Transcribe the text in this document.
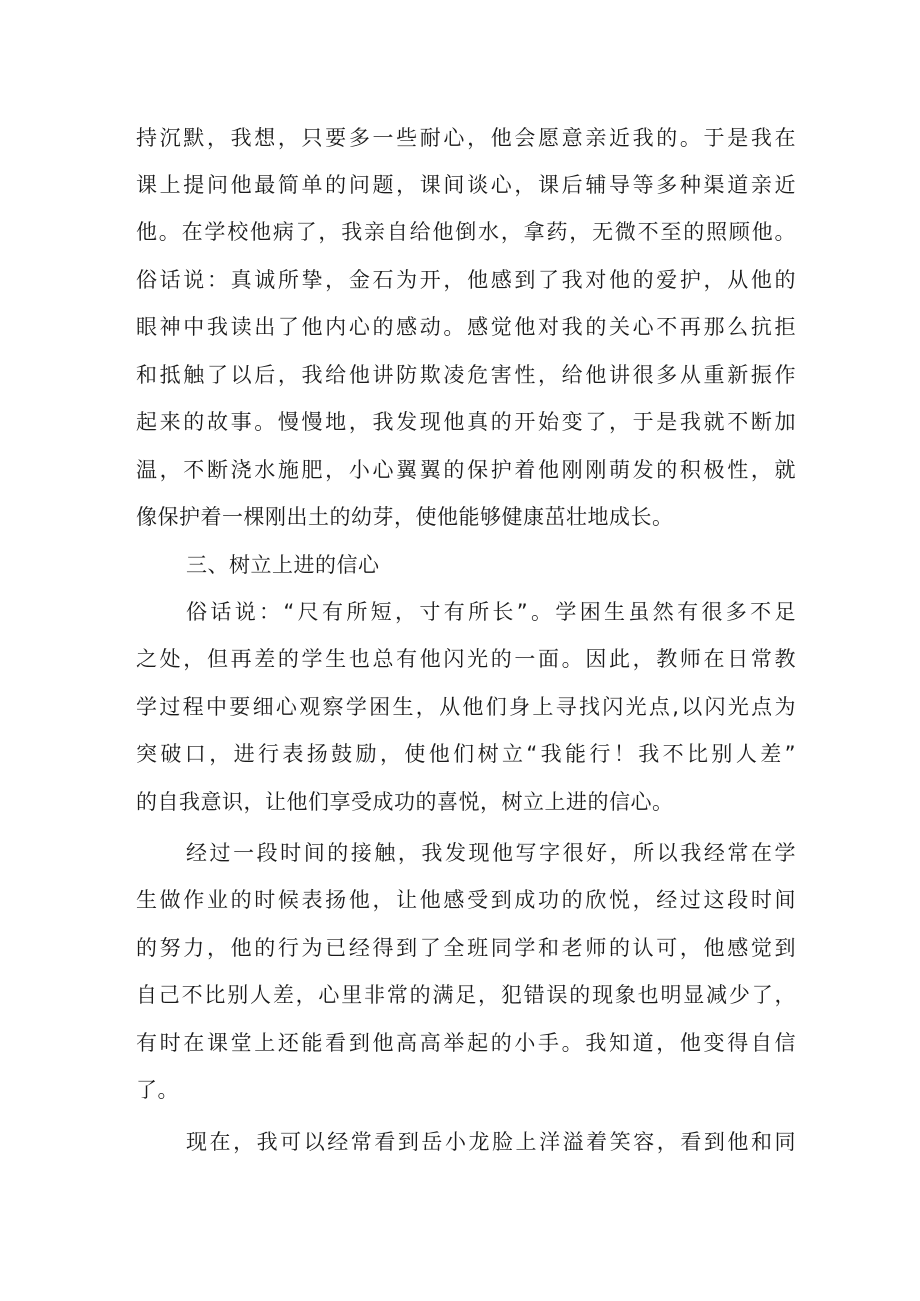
持沉默，我想，只要多一些耐心，他会愿意亲近我的。于是我在
课上提问他最简单的问题，课间谈心，课后辅导等多种渠道亲近
他。在学校他病了，我亲自给他倒水，拿药，无微不至的照顾他。
俗话说：真诚所挚，金石为开，他感到了我对他的爱护，从他的
眼神中我读出了他内心的感动。感觉他对我的关心不再那么抗拒
和抵触了以后，我给他讲防欺凌危害性，给他讲很多从重新振作
起来的故事。慢慢地，我发现他真的开始变了，于是我就不断加
温，不断浇水施肥，小心翼翼的保护着他刚刚萌发的积极性，就
像保护着一棵刚出土的幼芽，使他能够健康茁壮地成长。
三、树立上进的信心
俗话说：“尺有所短，寸有所长”。学困生虽然有很多不足
之处，但再差的学生也总有他闪光的一面。因此，教师在日常教
学过程中要细心观察学困生，从他们身上寻找闪光点,以闪光点为
突破口，进行表扬鼓励，使他们树立“我能行！我不比别人差”
的自我意识，让他们享受成功的喜悦，树立上进的信心。
经过一段时间的接触，我发现他写字很好，所以我经常在学
生做作业的时候表扬他，让他感受到成功的欣悦，经过这段时间
的努力，他的行为已经得到了全班同学和老师的认可，他感觉到
自己不比别人差，心里非常的满足，犯错误的现象也明显减少了，
有时在课堂上还能看到他高高举起的小手。我知道，他变得自信
了。
现在，我可以经常看到岳小龙脸上洋溢着笑容，看到他和同
